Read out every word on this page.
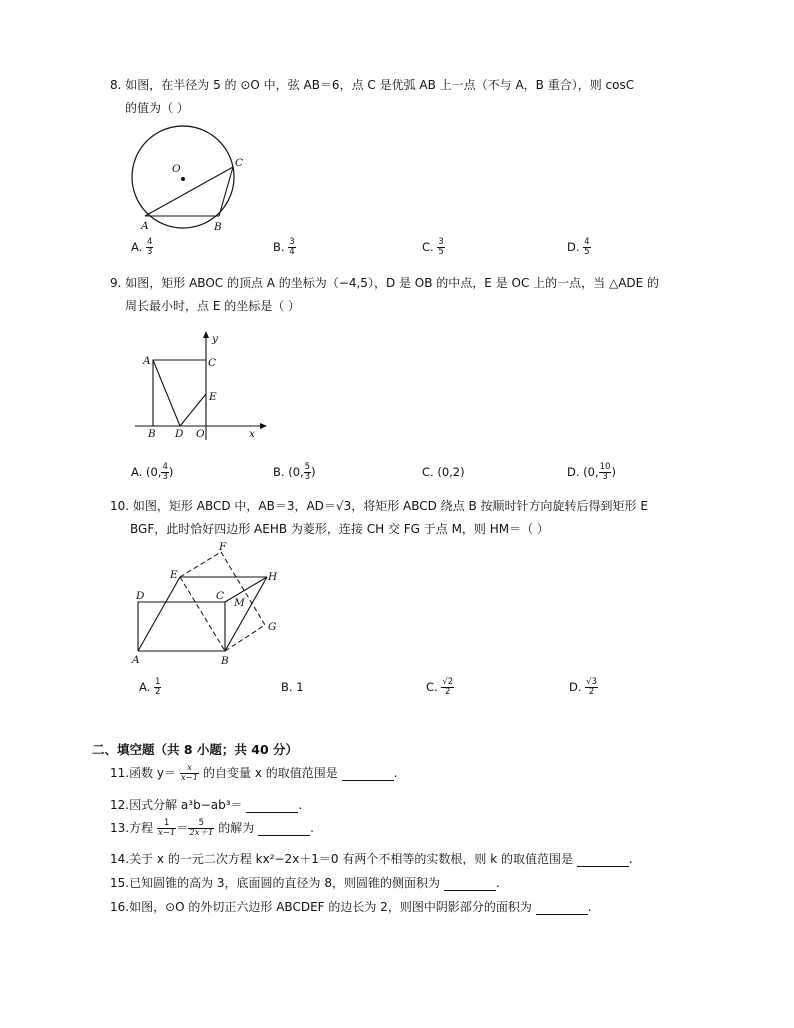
8. 如图，在半径为 5 的 ⊙O 中，弦 AB＝6，点 C 是优弧 AB 上一点（不与 A，B 重合），则 cosC
的值为（ ）
O	C
A	B
A. $\frac{4}{3}$	B. $\frac{3}{4}$	C. $\frac{3}{5}$	D. $\frac{4}{5}$
9. 如图，矩形 ABOC 的顶点 A 的坐标为（−4,5），D 是 OB 的中点，E 是 OC 上的一点，当 △ADE 的
周长最小时，点 E 的坐标是（ ）
y
A	C
E
B D O	x
A. (0, $\frac{4}{3}$ )	B. (0, $\frac{5}{3}$ )	C. (0,2)	D. (0, $\frac{10}{3}$ )
10. 如图，矩形 ABCD 中，AB＝3，AD＝√3，将矩形 ABCD 绕点 B 按顺时针方向旋转后得到矩形 E
BGF，此时恰好四边形 AEHB 为菱形，连接 CH 交 FG 于点 M，则 HM＝（ ）
F
E	H
D	C
M
G
A	B
A. $\frac{1}{2}$	B. 1	C. $\frac{√2}{2}$	D. $\frac{√3}{2}$
二、填空题（共 8 小题；共 40 分）
11.函数 $y= \frac{x}{x-1}$ 的自变量 x 的取值范围是	.
12.因式分解 a³b−ab³＝	.
13.方程 $\frac{1}{x-1} = \frac{5}{2x+1}$ 的解为	.
14.关于 x 的一元二次方程 kx²−2x＋1＝0 有两个不相等的实数根，则 k 的取值范围是	.
15.已知圆锥的高为 3，底面圆的直径为 8，则圆锥的侧面积为	.
16.如图，⊙O 的外切正六边形 ABCDEF 的边长为 2，则图中阴影部分的面积为	.
